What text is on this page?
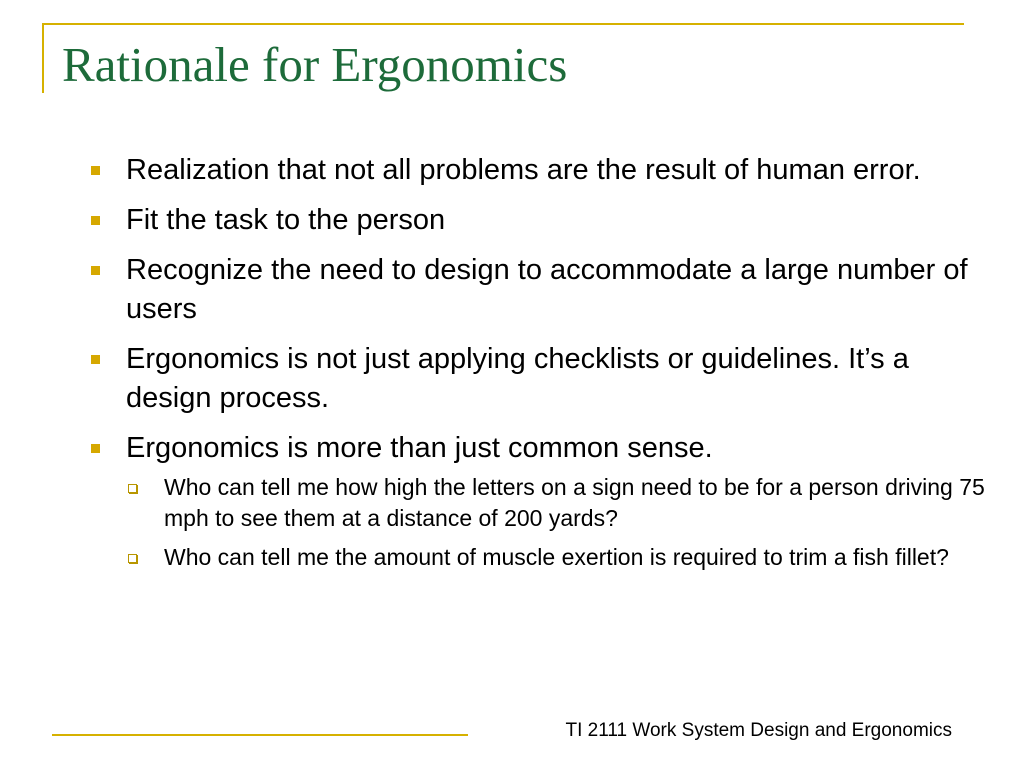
Rationale for Ergonomics
Realization that not all problems are the result of human error.
Fit the task to the person
Recognize the need to design to accommodate a large number of users
Ergonomics is not just applying checklists or guidelines. It’s a design process.
Ergonomics is more than just common sense.
Who can tell me how high the letters on a sign need to be for a person driving 75 mph to see them at a distance of 200 yards?
Who can tell me the amount of muscle exertion is required to trim a fish fillet?
TI 2111 Work System Design and Ergonomics
